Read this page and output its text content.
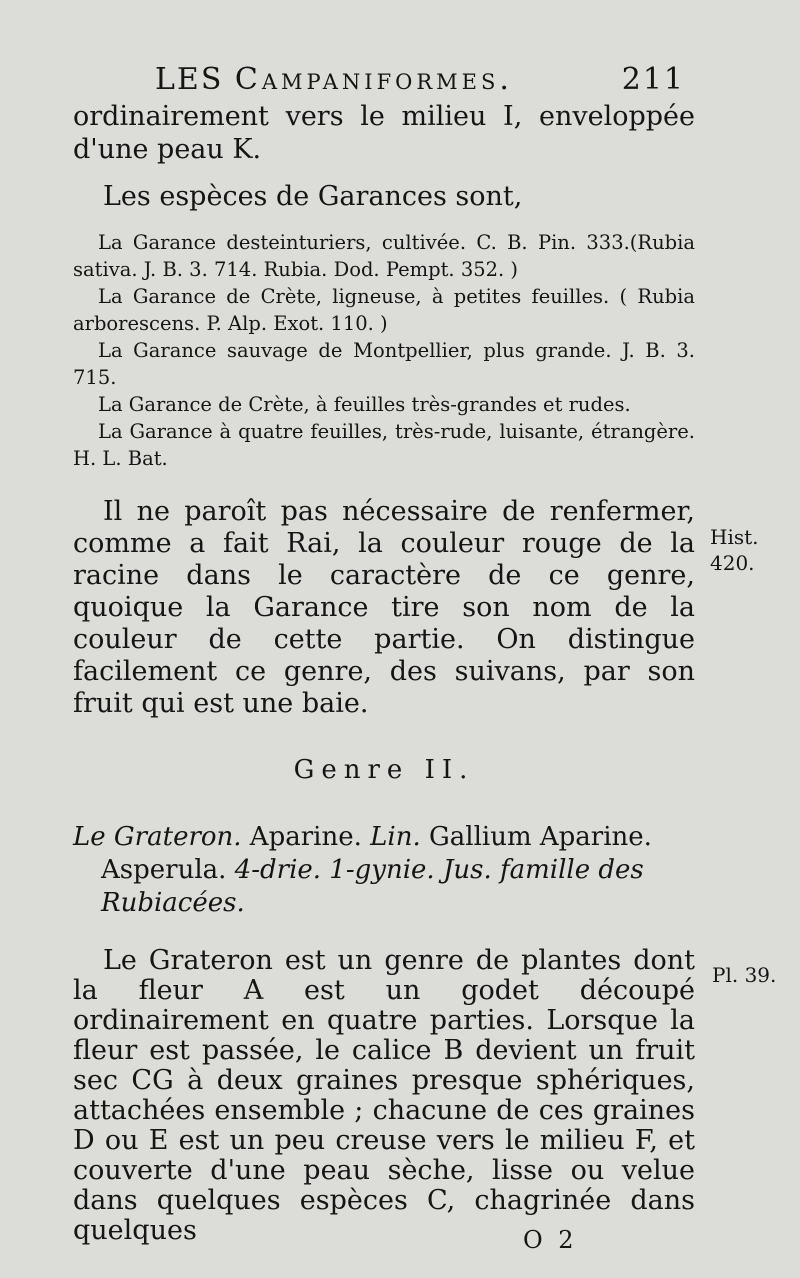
LES Campaniformes.	211

ordinairement vers le milieu I, enveloppée d'une peau K.

Les espèces de Garances sont,

La Garance desteinturiers, cultivée. C. B. Pin. 333.(Rubia sativa. J. B. 3. 714. Rubia. Dod. Pempt. 352. )

La Garance de Crète, ligneuse, à petites feuilles. ( Rubia arborescens. P. Alp. Exot. 110. )

La Garance sauvage de Montpellier, plus grande. J. B. 3. 715.

La Garance de Crète, à feuilles très-grandes et rudes.

La Garance à quatre feuilles, très-rude, luisante, étrangère. H. L. Bat.

Il ne paroît pas nécessaire de renfermer, comme a fait Rai, la couleur rouge de la racine dans le caractère de ce genre, quoique la Garance tire son nom de la couleur de cette partie. On distingue facilement ce genre, des suivans, par son fruit qui est une baie.

Genre II.

Le Grateron. Aparine. Lin. Gallium Aparine. Asperula. 4-drie. 1-gynie. Jus. famille des Rubiacées.

Le Grateron est un genre de plantes dont la fleur A est un godet découpé ordinairement en quatre parties. Lorsque la fleur est passée, le calice B devient un fruit sec CG à deux graines presque sphériques, attachées ensemble ; chacune de ces graines D ou E est un peu creuse vers le milieu F, et couverte d'une peau sèche, lisse ou velue dans quelques espèces C, chagrinée dans quelques

Hist.
420.
Pl. 39.
O 2
